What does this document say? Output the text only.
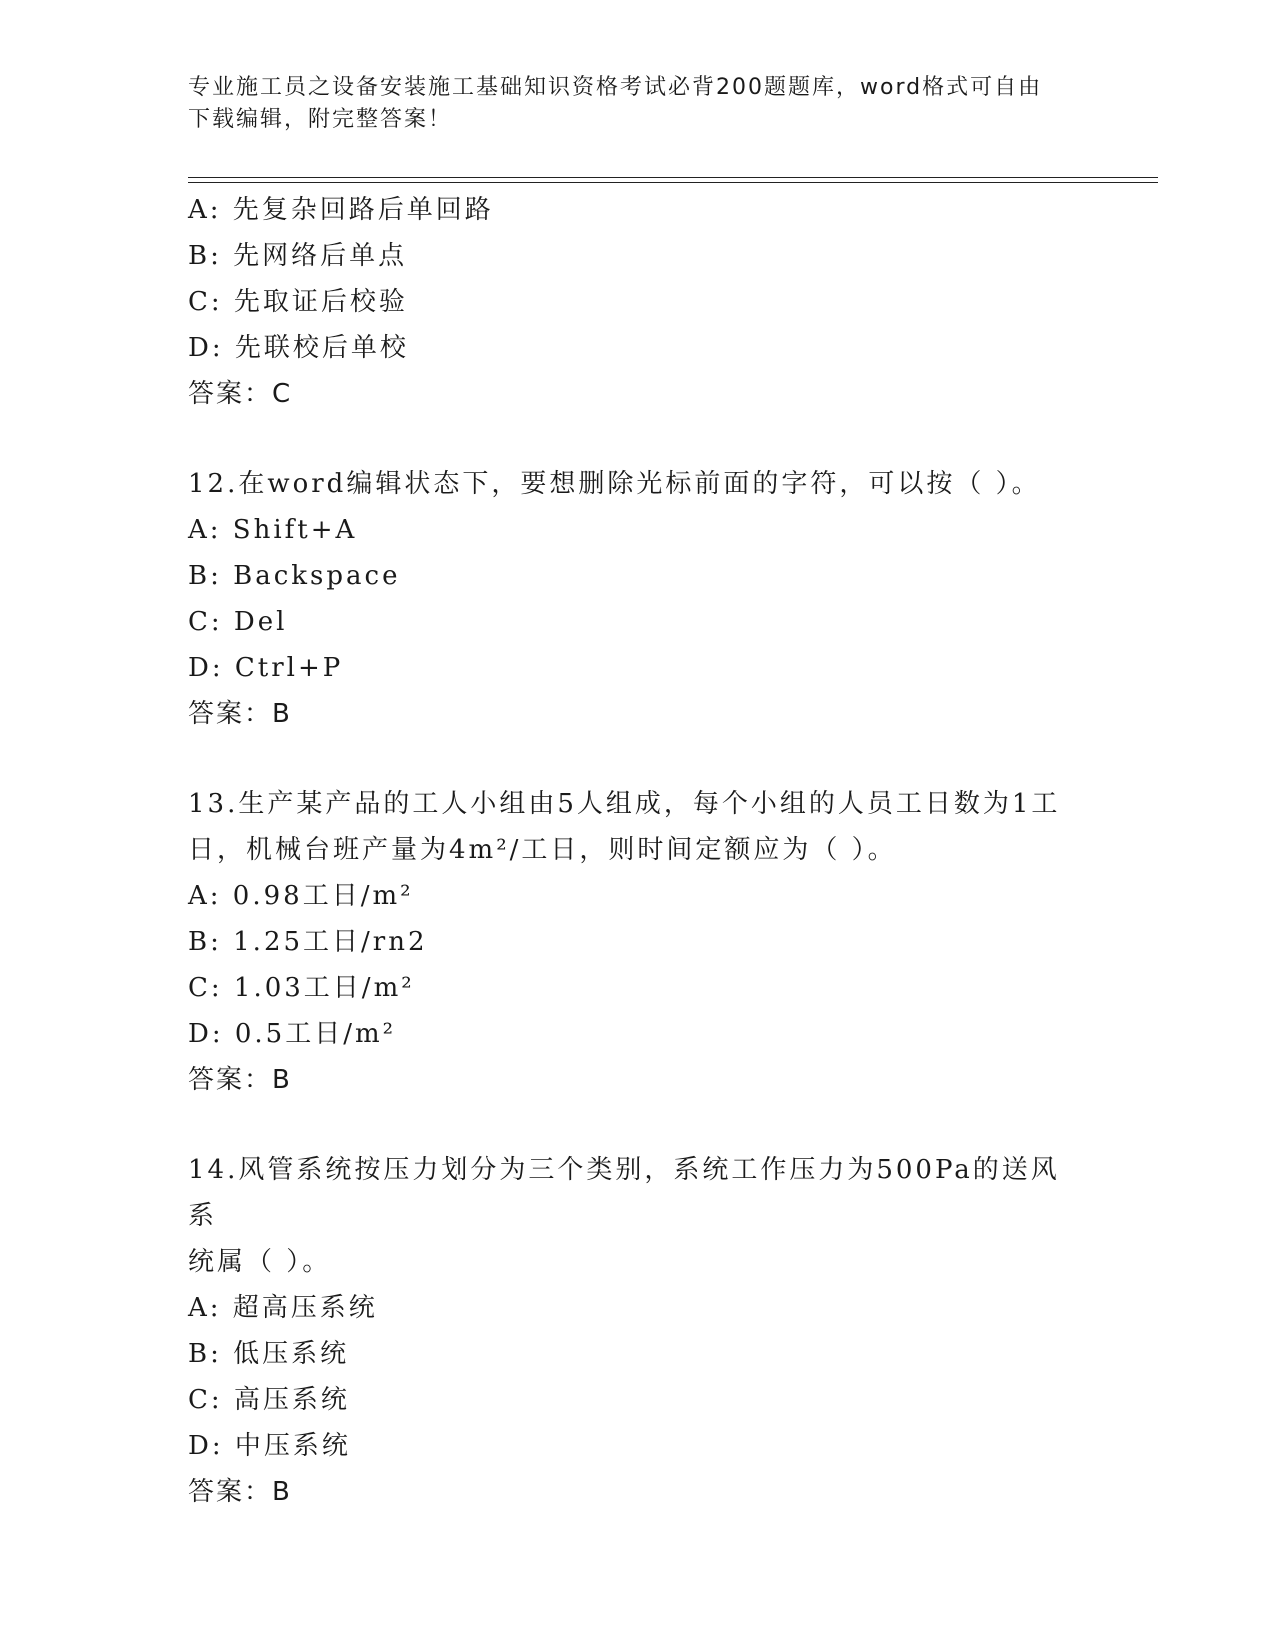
专业施工员之设备安装施工基础知识资格考试必背200题题库，word格式可自由
下载编辑，附完整答案！
A: 先复杂回路后单回路
B: 先网络后单点
C: 先取证后校验
D: 先联校后单校
答案：C
12.在word编辑状态下，要想删除光标前面的字符，可以按（ ）。
A: Shift+A
B: Backspace
C: Del
D: Ctrl+P
答案：B
13.生产某产品的工人小组由5人组成，每个小组的人员工日数为1工
日，机械台班产量为4m²/工日，则时间定额应为（ ）。
A: 0.98工日/m²
B: 1.25工日/rn2
C: 1.03工日/m²
D: 0.5工日/m²
答案：B
14.风管系统按压力划分为三个类别，系统工作压力为500Pa的送风系
统属（ ）。
A: 超高压系统
B: 低压系统
C: 高压系统
D: 中压系统
答案：B
